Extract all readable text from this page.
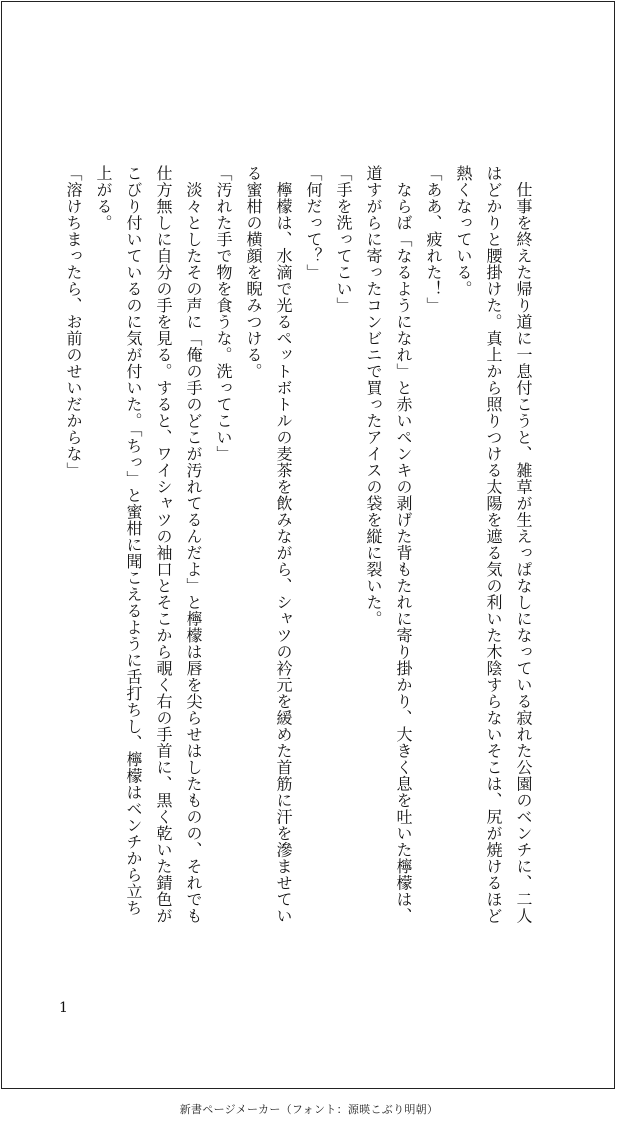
　仕事を終えた帰り道に一息付こうと、雑草が生えっぱなしになっている寂れた公園のベンチに、二人はどかりと腰掛けた。真上から照りつける太陽を遮る気の利いた木陰すらないそこは、尻が焼けるほど熱くなっている。

「ああ、疲れた！」

　ならば「なるようになれ」と赤いペンキの剥げた背もたれに寄り掛かり、大きく息を吐いた檸檬は、道すがらに寄ったコンビニで買ったアイスの袋を縦に裂いた。

「手を洗ってこい」

「何だって？」

　檸檬は、水滴で光るペットボトルの麦茶を飲みながら、シャツの衿元を緩めた首筋に汗を滲ませている蜜柑の横顔を睨みつける。

「汚れた手で物を食うな。洗ってこい」

　淡々としたその声に「俺の手のどこが汚れてるんだよ」と檸檬は唇を尖らせはしたものの、それでも仕方無しに自分の手を見る。すると、ワイシャツの袖口とそこから覗く右の手首に、黒く乾いた錆色がこびり付いているのに気が付いた。「ちっ」と蜜柑に聞こえるように舌打ちし、檸檬はベンチから立ち上がる。

「溶けちまったら、お前のせいだからな」

1
新書ページメーカー（フォント：源暎こぶり明朝）
